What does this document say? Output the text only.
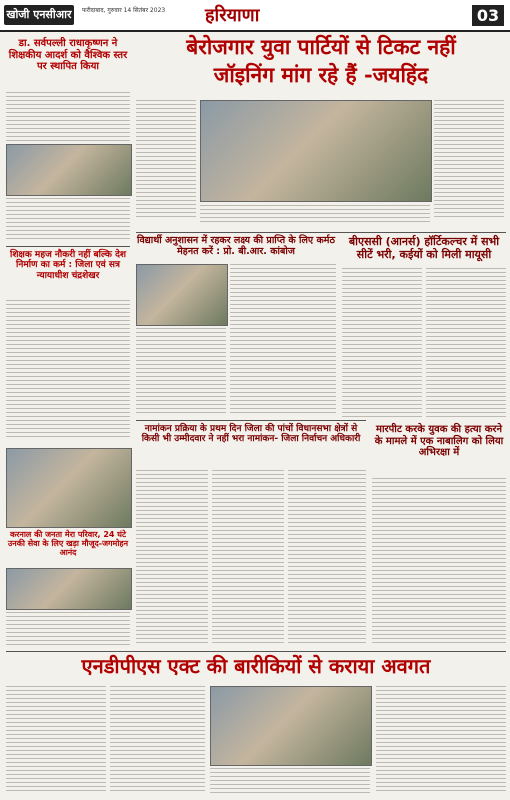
खोजी एनसीआर	फरीदाबाद, गुरुवार 14 सितंबर 2023 हरियाणा	03
डा. सर्वपल्ली राधाकृष्णन ने शिक्षकीय आदर्श को वैश्विक स्तर पर स्थापित किया
बेरोजगार युवा पार्टियों से टिकट नहीं
जॉइनिंग मांग रहे हैं -जयहिंद
शिक्षक महज नौकरी नहीं बल्कि देश निर्माण का कर्म : जिला एवं सत्र न्यायाधीश चंद्रशेखर
विद्यार्थी अनुशासन में रहकर लक्ष्य की प्राप्ति के लिए कर्मठ मेहनत करें : प्रो. बी.आर. कांबोज
बीएससी (आनर्स) हॉर्टिकल्चर में सभी सीटें भरी, कईयों को मिली मायूसी
नामांकन प्रक्रिया के प्रथम दिन जिला की पांचों विधानसभा क्षेत्रों से किसी भी उम्मीदवार ने नहीं भरा नामांकन- जिला निर्वाचन अधिकारी
मारपीट करके युवक की हत्या करने के मामले में एक नाबालिग को लिया अभिरक्षा में
करनाल की जनता मेरा परिवार, 24 घंटे उनकी सेवा के लिए खड़ा मौजूद-जगमोहन आनंद
एनडीपीएस एक्ट की बारीकियों से कराया अवगत
